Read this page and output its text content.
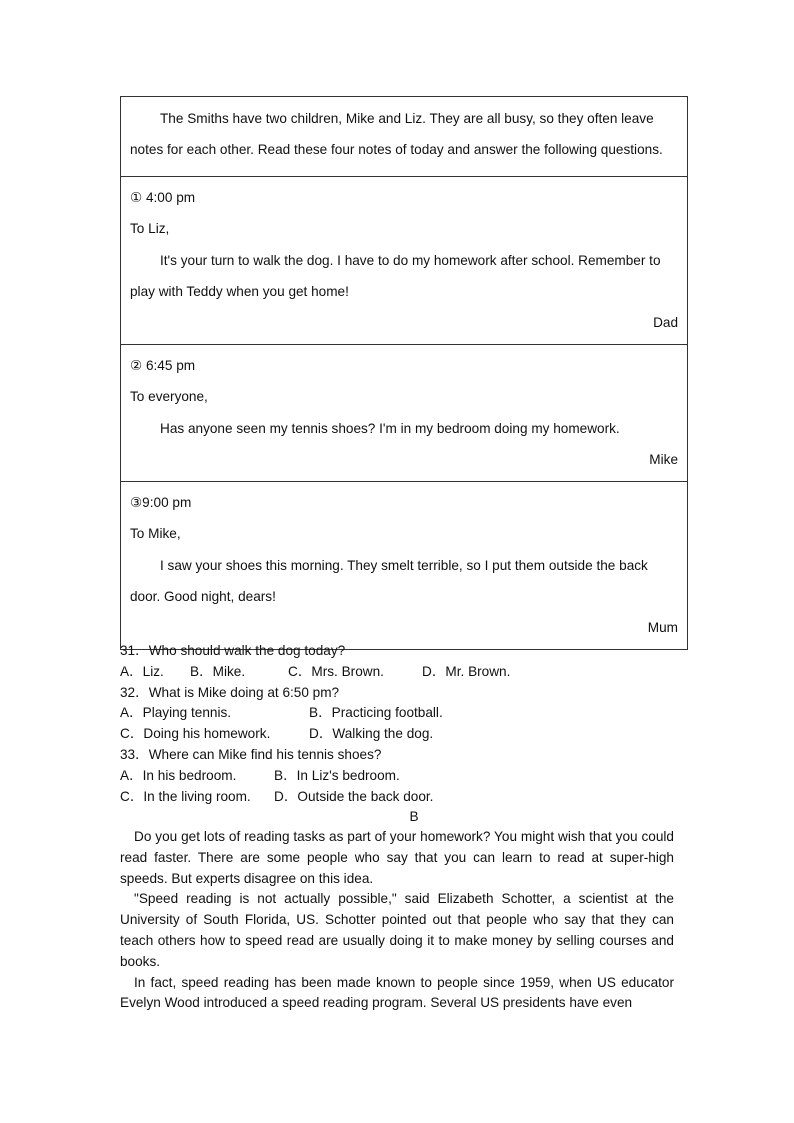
The Smiths have two children, Mike and Liz. They are all busy, so they often leave
notes for each other. Read these four notes of today and answer the following questions.
① 4:00 pm
To Liz,
It's your turn to walk the dog. I have to do my homework after school. Remember to
play with Teddy when you get home!
Dad
② 6:45 pm
To everyone,
Has anyone seen my tennis shoes? I'm in my bedroom doing my homework.
Mike
③9:00 pm
To Mike,
I saw your shoes this morning. They smelt terrible, so I put them outside the back
door. Good night, dears!
Mum
31．Who should walk the dog today?
A．Liz. B．Mike.	C．Mrs. Brown.	D．Mr. Brown.
32．What is Mike doing at 6:50 pm?
A．Playing tennis.	B．Practicing football.
C．Doing his homework.	D．Walking the dog.
33．Where can Mike find his tennis shoes?
A．In his bedroom.	B．In Liz's bedroom.
C．In the living room. D．Outside the back door.
B

Do you get lots of reading tasks as part of your homework? You might wish that you could read faster. There are some people who say that you can learn to read at super-high speeds. But experts disagree on this idea.

"Speed reading is not actually possible," said Elizabeth Schotter, a scientist at the University of South Florida, US. Schotter pointed out that people who say that they can teach others how to speed read are usually doing it to make money by selling courses and books.

In fact, speed reading has been made known to people since 1959, when US educator Evelyn Wood introduced a speed reading program. Several US presidents have even
